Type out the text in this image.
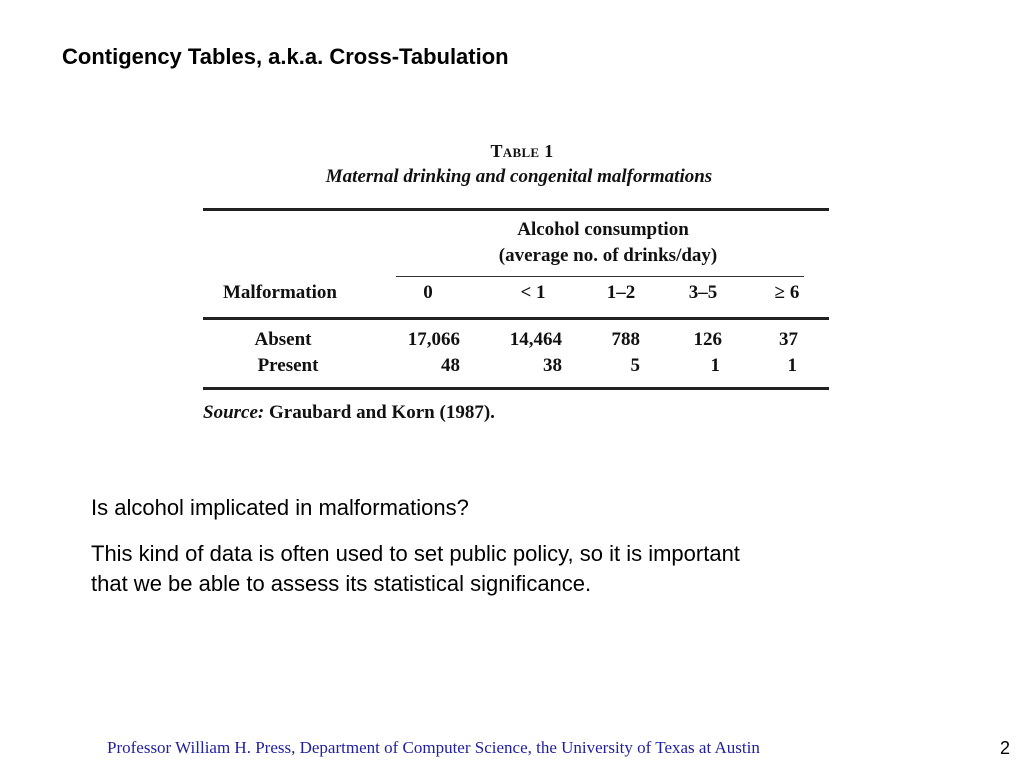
Contigency Tables, a.k.a. Cross-Tabulation
Table 1
Maternal drinking and congenital malformations
Alcohol consumption
(average no. of drinks/day)
Malformation	0	< 1	1–2	3–5	≥ 6
Absent	17,066	14,464	788	126	37
Present	48	38	5	1	1
Source: Graubard and Korn (1987).
Is alcohol implicated in malformations?
This kind of data is often used to set public policy, so it is important
that we be able to assess its statistical significance.
Professor William H. Press, Department of Computer Science, the University of Texas at Austin	2
